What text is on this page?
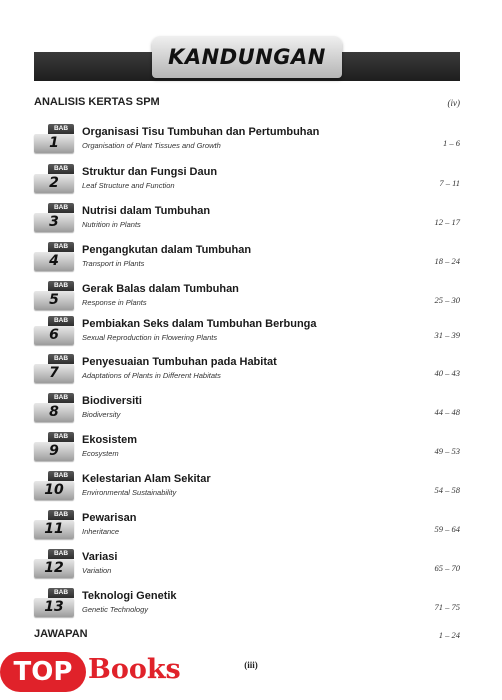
KANDUNGAN
ANALISIS KERTAS SPM	(iv)
BAB
1
Organisasi Tisu Tumbuhan dan Pertumbuhan
Organisation of Plant Tissues and Growth	1 – 6
BAB
2
Struktur dan Fungsi Daun
Leaf Structure and Function	7 – 11
BAB
3
Nutrisi dalam Tumbuhan
Nutrition in Plants	12 – 17
BAB
4
Pengangkutan dalam Tumbuhan
Transport in Plants	18 – 24
BAB
5
Gerak Balas dalam Tumbuhan
Response in Plants	25 – 30
BAB
6
Pembiakan Seks dalam Tumbuhan Berbunga
Sexual Reproduction in Flowering Plants	31 – 39
BAB
7
Penyesuaian Tumbuhan pada Habitat
Adaptations of Plants in Different Habitats	40 – 43
BAB
8
Biodiversiti
Biodiversity	44 – 48
BAB
9
Ekosistem
Ecosystem	49 – 53
BAB
10
Kelestarian Alam Sekitar
Environmental Sustainability	54 – 58
BAB
11
Pewarisan
Inheritance	59 – 64
BAB
12
Variasi
Variation	65 – 70
BAB
13
Teknologi Genetik
Genetic Technology	71 – 75
JAWAPAN	1 – 24
(iii)
TOP Books
